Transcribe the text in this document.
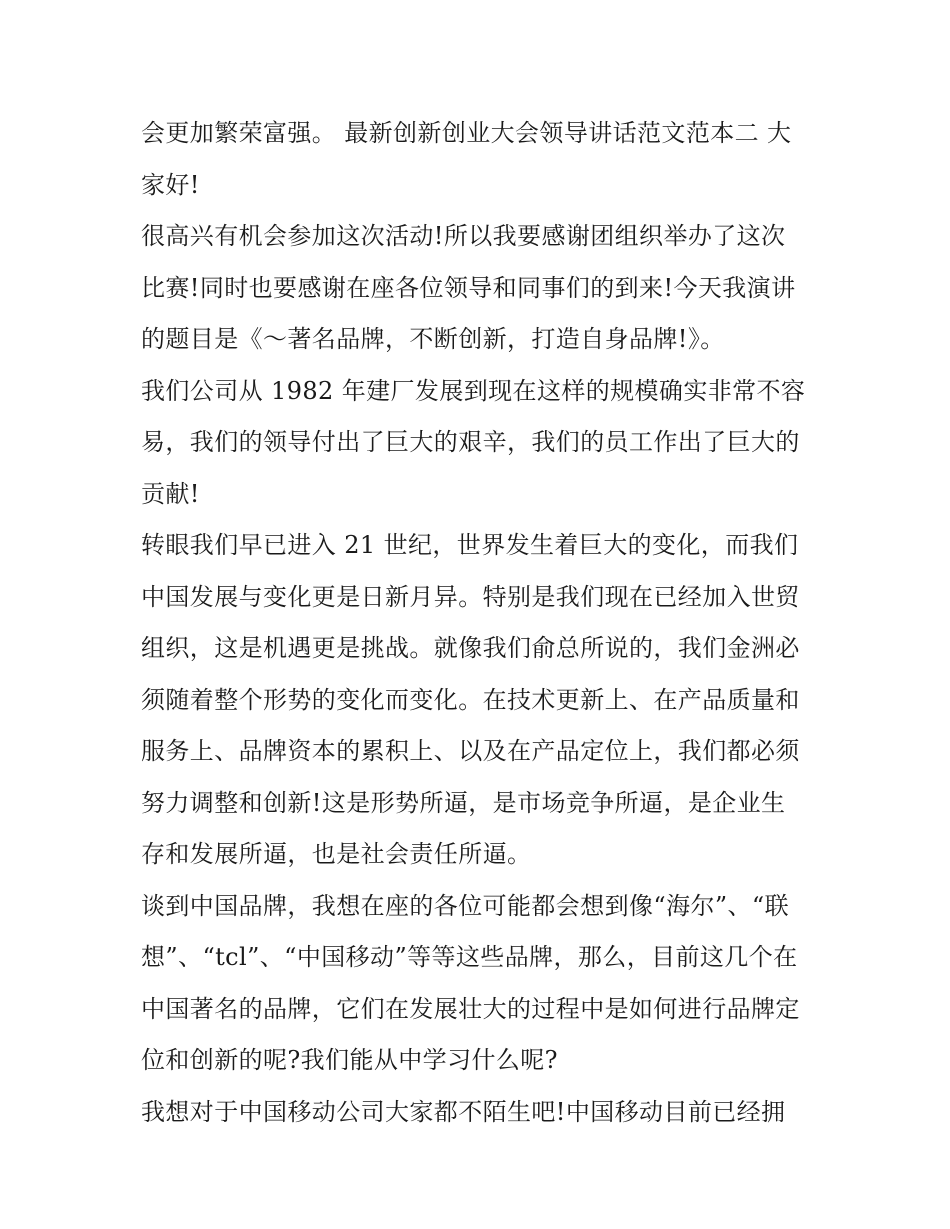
会更加繁荣富强。 最新创新创业大会领导讲话范文范本二 大
家好!
很高兴有机会参加这次活动!所以我要感谢团组织举办了这次
比赛!同时也要感谢在座各位领导和同事们的到来!今天我演讲
的题目是《～著名品牌，不断创新，打造自身品牌!》。
我们公司从 1982 年建厂发展到现在这样的规模确实非常不容
易，我们的领导付出了巨大的艰辛，我们的员工作出了巨大的
贡献!
转眼我们早已进入 21 世纪，世界发生着巨大的变化，而我们
中国发展与变化更是日新月异。特别是我们现在已经加入世贸
组织，这是机遇更是挑战。就像我们俞总所说的，我们金洲必
须随着整个形势的变化而变化。在技术更新上、在产品质量和
服务上、品牌资本的累积上、以及在产品定位上，我们都必须
努力调整和创新!这是形势所逼，是市场竞争所逼，是企业生
存和发展所逼，也是社会责任所逼。
谈到中国品牌，我想在座的各位可能都会想到像“海尔”、“联
想”、“tcl”、“中国移动”等等这些品牌，那么，目前这几个在
中国著名的品牌，它们在发展壮大的过程中是如何进行品牌定
位和创新的呢?我们能从中学习什么呢?
我想对于中国移动公司大家都不陌生吧!中国移动目前已经拥
